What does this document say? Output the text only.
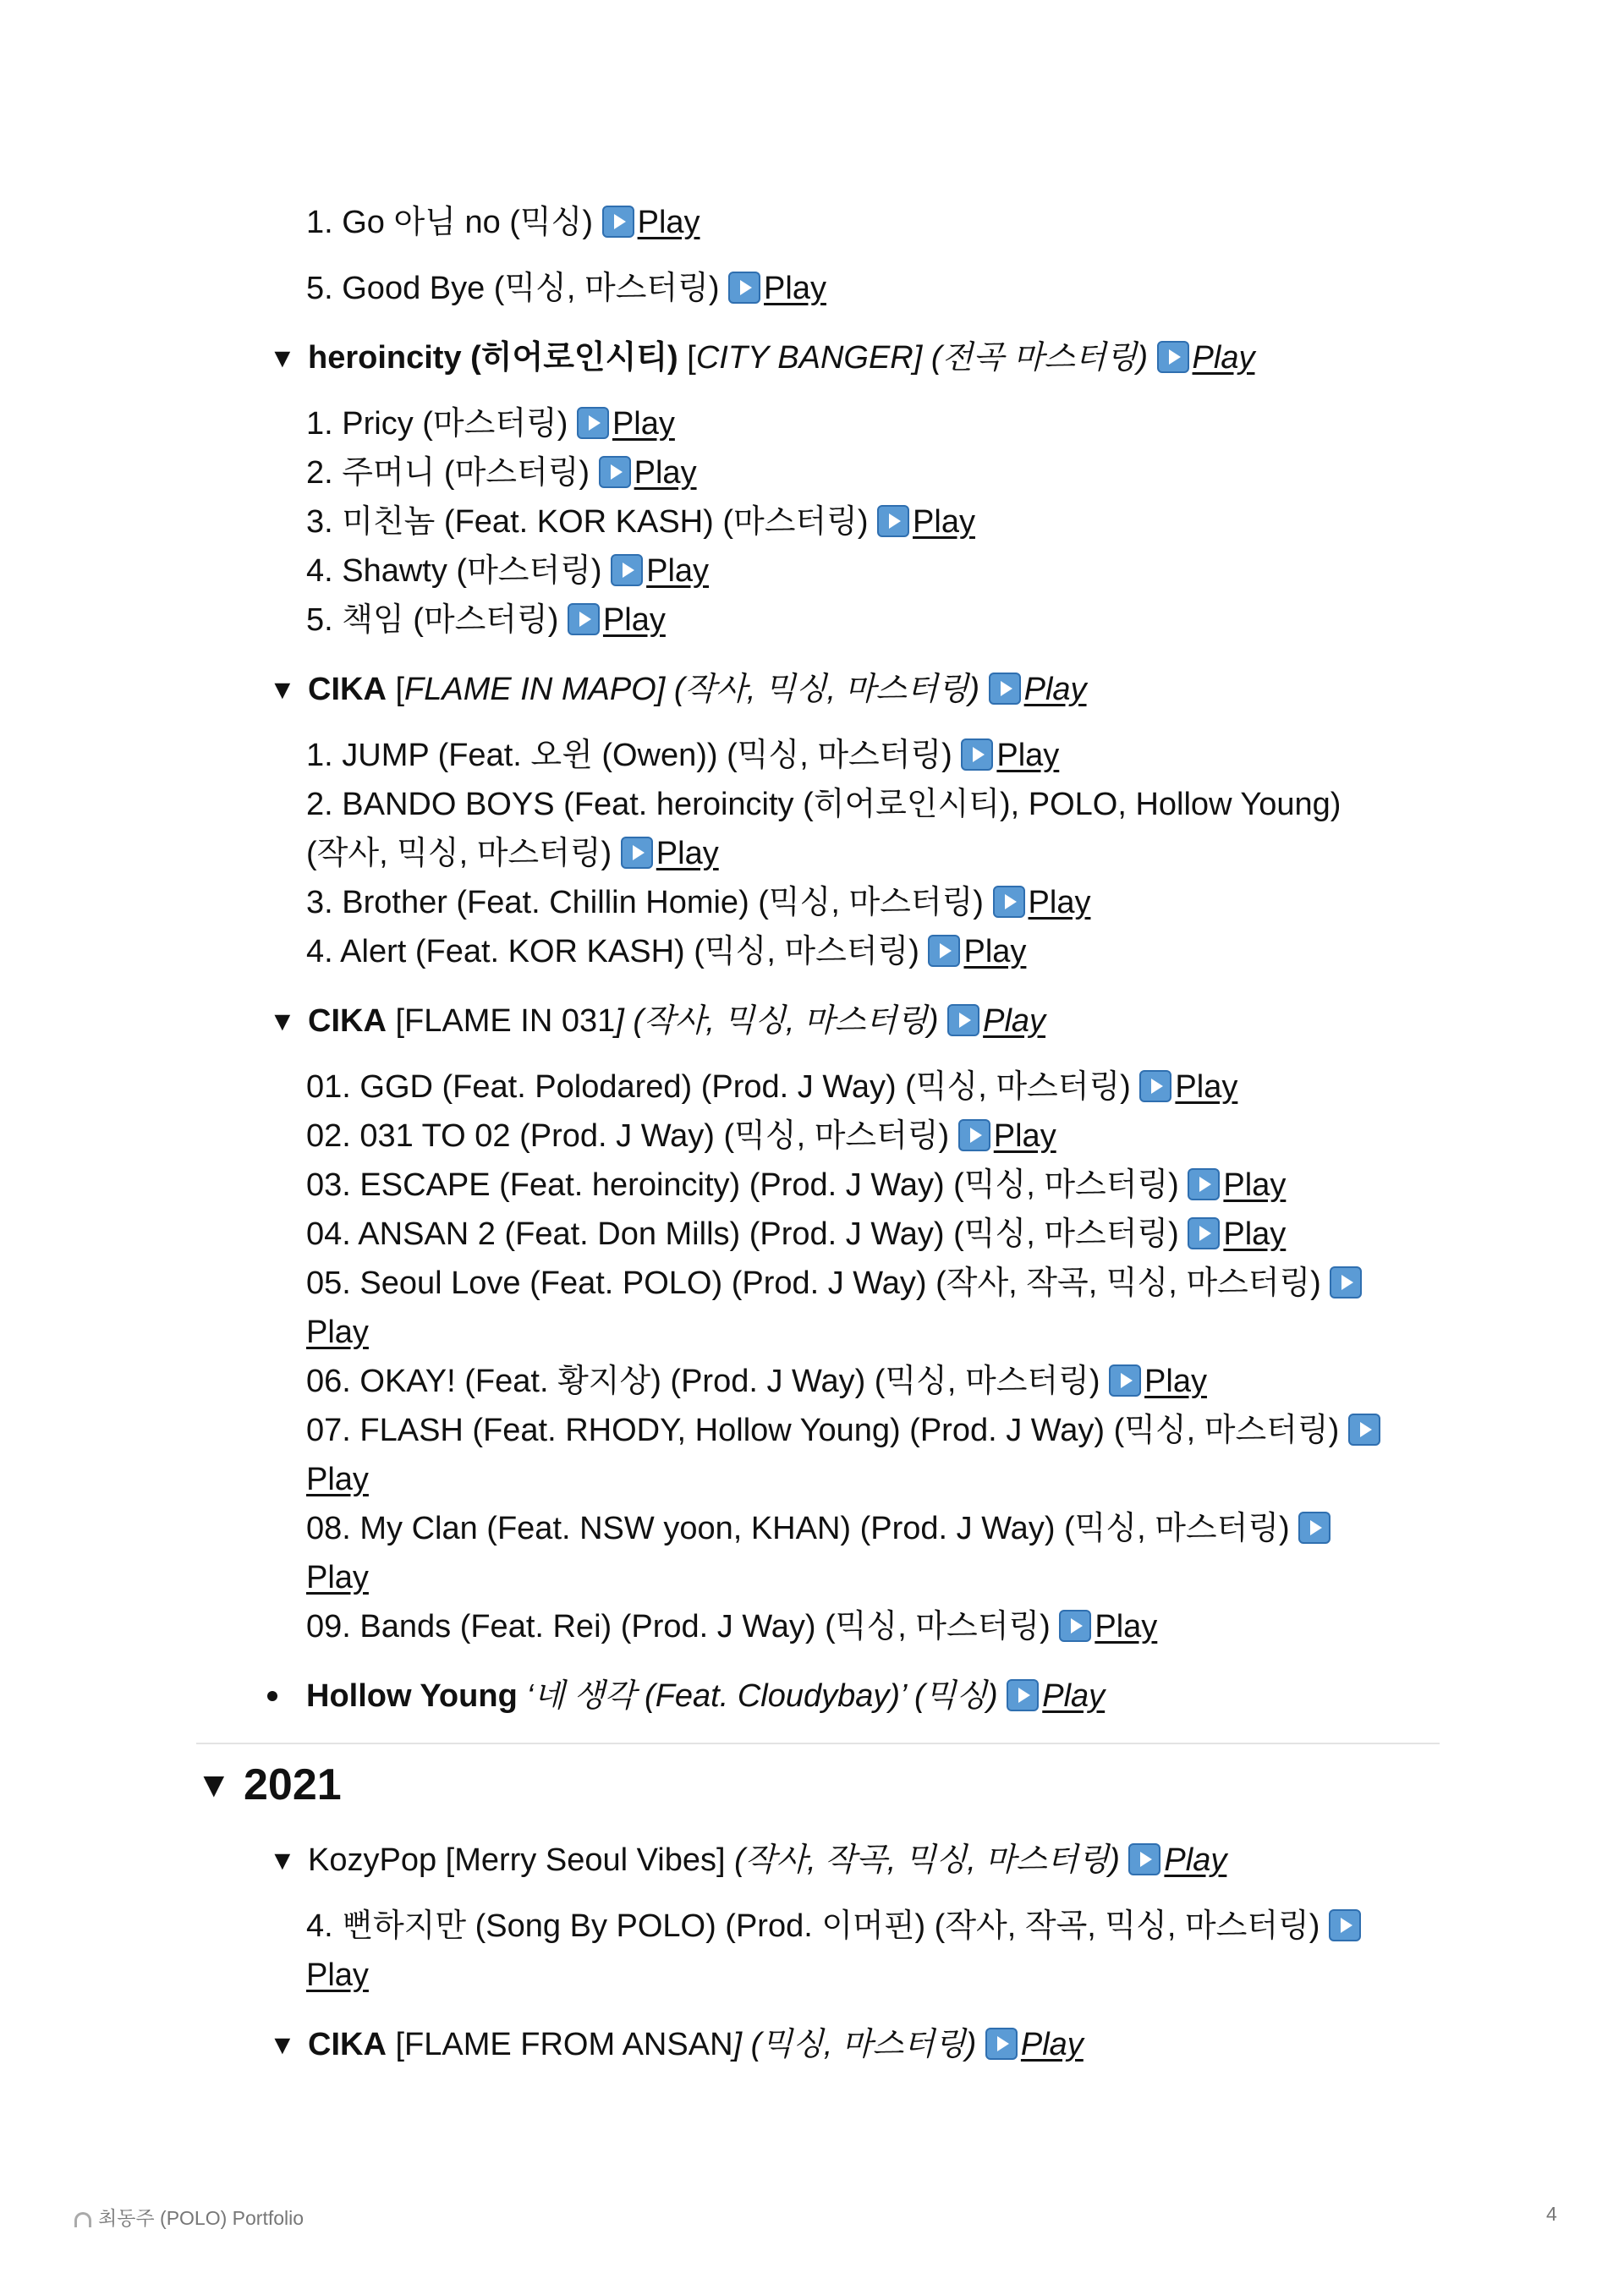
1. Go 아님 no (믹싱) Play
5. Good Bye (믹싱, 마스터링) Play
▼ heroincity (히어로인시티) [CITY BANGER] (전곡 마스터링) Play
1. Pricy (마스터링) Play
2. 주머니 (마스터링) Play
3. 미친놈 (Feat. KOR KASH) (마스터링) Play
4. Shawty (마스터링) Play
5. 책임 (마스터링) Play
▼ CIKA [FLAME IN MAPO] (작사, 믹싱, 마스터링) Play
1. JUMP (Feat. 오윈 (Owen)) (믹싱, 마스터링) Play
2. BANDO BOYS (Feat. heroincity (히어로인시티), POLO, Hollow Young)
(작사, 믹싱, 마스터링) Play
3. Brother (Feat. Chillin Homie) (믹싱, 마스터링) Play
4. Alert (Feat. KOR KASH) (믹싱, 마스터링) Play
▼ CIKA [FLAME IN 031] (작사, 믹싱, 마스터링) Play
01. GGD (Feat. Polodared) (Prod. J Way) (믹싱, 마스터링) Play
02. 031 TO 02 (Prod. J Way) (믹싱, 마스터링) Play
03. ESCAPE (Feat. heroincity) (Prod. J Way) (믹싱, 마스터링) Play
04. ANSAN 2 (Feat. Don Mills) (Prod. J Way) (믹싱, 마스터링) Play
05. Seoul Love (Feat. POLO) (Prod. J Way) (작사, 작곡, 믹싱, 마스터링)
Play
06. OKAY! (Feat. 황지상) (Prod. J Way) (믹싱, 마스터링) Play
07. FLASH (Feat. RHODY, Hollow Young) (Prod. J Way) (믹싱, 마스터링)
Play
08. My Clan (Feat. NSW yoon, KHAN) (Prod. J Way) (믹싱, 마스터링)
Play
09. Bands (Feat. Rei) (Prod. J Way) (믹싱, 마스터링) Play
Hollow Young ‘네 생각 (Feat. Cloudybay)’ (믹싱) Play
▼ 2021
▼ KozyPop [Merry Seoul Vibes] (작사, 작곡, 믹싱, 마스터링) Play
4. 뻔하지만 (Song By POLO) (Prod. 이머핀) (작사, 작곡, 믹싱, 마스터링)
Play
▼ CIKA [FLAME FROM ANSAN] (믹싱, 마스터링) Play
최동주 (POLO) Portfolio	4
